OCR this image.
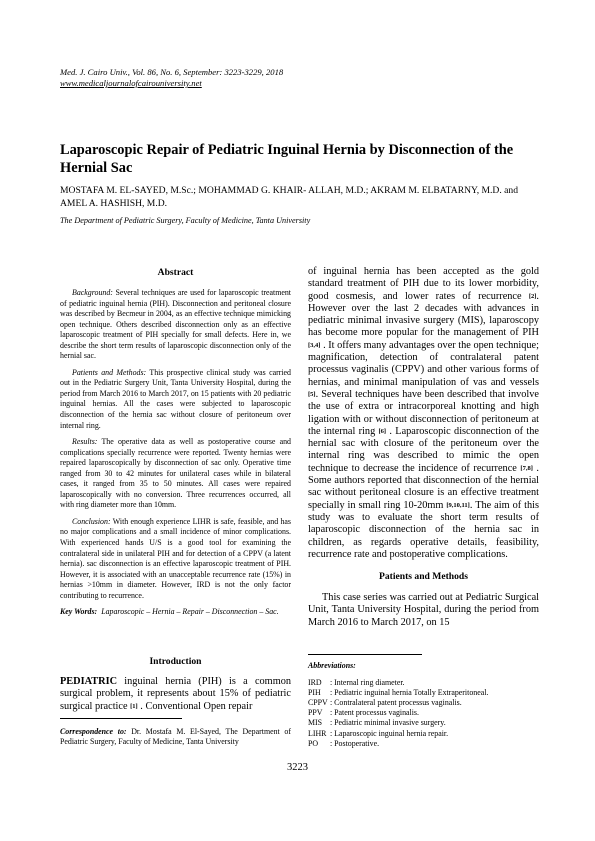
Med. J. Cairo Univ., Vol. 86, No. 6, September: 3223-3229, 2018
www.medicaljournalofcairouniversity.net
Laparoscopic Repair of Pediatric Inguinal Hernia by Disconnection of the Hernial Sac
MOSTAFA M. EL-SAYED, M.Sc.; MOHAMMAD G. KHAIR- ALLAH, M.D.; AKRAM M. ELBATARNY, M.D. and AMEL A. HASHISH, M.D.
The Department of Pediatric Surgery, Faculty of Medicine, Tanta University
Abstract

Background: Several techniques are used for laparoscopic treatment of pediatric inguinal hernia (PIH). Disconnection and peritoneal closure was described by Becmeur in 2004, as an effective technique mimicking open technique. Others described disconnection only as an effective laparoscopic treatment of PIH specially for small defects. Here in, we describe the short term results of laparoscopic disconnection only of the hernial sac.

Patients and Methods: This prospective clinical study was carried out in the Pediatric Surgery Unit, Tanta University Hospital, during the period from March 2016 to March 2017, on 15 patients with 20 pediatric inguinal hernias. All the cases were subjected to laparoscopic disconnection of the hernia sac without closure of peritoneum over internal ring.

Results: The operative data as well as postoperative course and complications specially recurrence were reported. Twenty hernias were repaired laparoscopically by disconnection of sac only. Operative time ranged from 30 to 42 minutes for unilateral cases while in bilateral cases, it ranged from 35 to 50 minutes. All cases were repaired laparoscopically with no conversion. Three recurrences occurred, all with ring diameter more than 10mm.

Conclusion: With enough experience LIHR is safe, feasible, and has no major complications and a small incidence of minor complications. With experienced hands U/S is a good tool for examining the contralateral side in unilateral PIH and for detection of a CPPV (a latent hernia). sac disconnection is an effective laparoscopic treatment of PIH. However, it is associated with an unacceptable recurrence rate (15%) in hernias >10mm in diameter. However, IRD is not the only factor contributing to recurrence.

Key Words: Laparoscopic – Hernia – Repair – Disconnection – Sac.
Introduction

PEDIATRIC inguinal hernia (PIH) is a common surgical problem, it represents about 15% of pediatric surgical practice [1] . Conventional Open repair

Correspondence to: Dr. Mostafa M. El-Sayed, The Department of Pediatric Surgery, Faculty of Medicine, Tanta University

of inguinal hernia has been accepted as the gold standard treatment of PIH due to its lower morbidity, good cosmesis, and lower rates of recurrence [2]. However over the last 2 decades with advances in pediatric minimal invasive surgery (MIS), laparoscopy has become more popular for the management of PIH [3,4] . It offers many advantages over the open technique; magnification, detection of contralateral patent processus vaginalis (CPPV) and other various forms of hernias, and minimal manipulation of vas and vessels [5]. Several techniques have been described that involve the use of extra or intracorporeal knotting and high ligation with or without disconnection of peritoneum at the internal ring [6] . Laparoscopic disconnection of the hernial sac with closure of the peritoneum over the internal ring was described to mimic the open technique to decrease the incidence of recurrence [7,8] . Some authors reported that disconnection of the hernial sac without peritoneal closure is an effective treatment specially in small ring 10-20mm [9,10,11]. The aim of this study was to evaluate the short term results of laparoscopic disconnection of the hernia sac in children, as regards operative details, feasibility, recurrence rate and postoperative complications.

Patients and Methods

This case series was carried out at Pediatric Surgical Unit, Tanta University Hospital, during the period from March 2016 to March 2017, on 15

Abbreviations:
IRD	: Internal ring diameter.
PIH	: Pediatric inguinal hernia Totally Extraperitoneal.
CPPV : Contralateral patent processus vaginalis.
PPV : Patent processus vaginalis.
MIS	: Pediatric minimal invasive surgery.
LIHR : Laparoscopic inguinal hernia repair.
PO	: Postoperative.
3223
